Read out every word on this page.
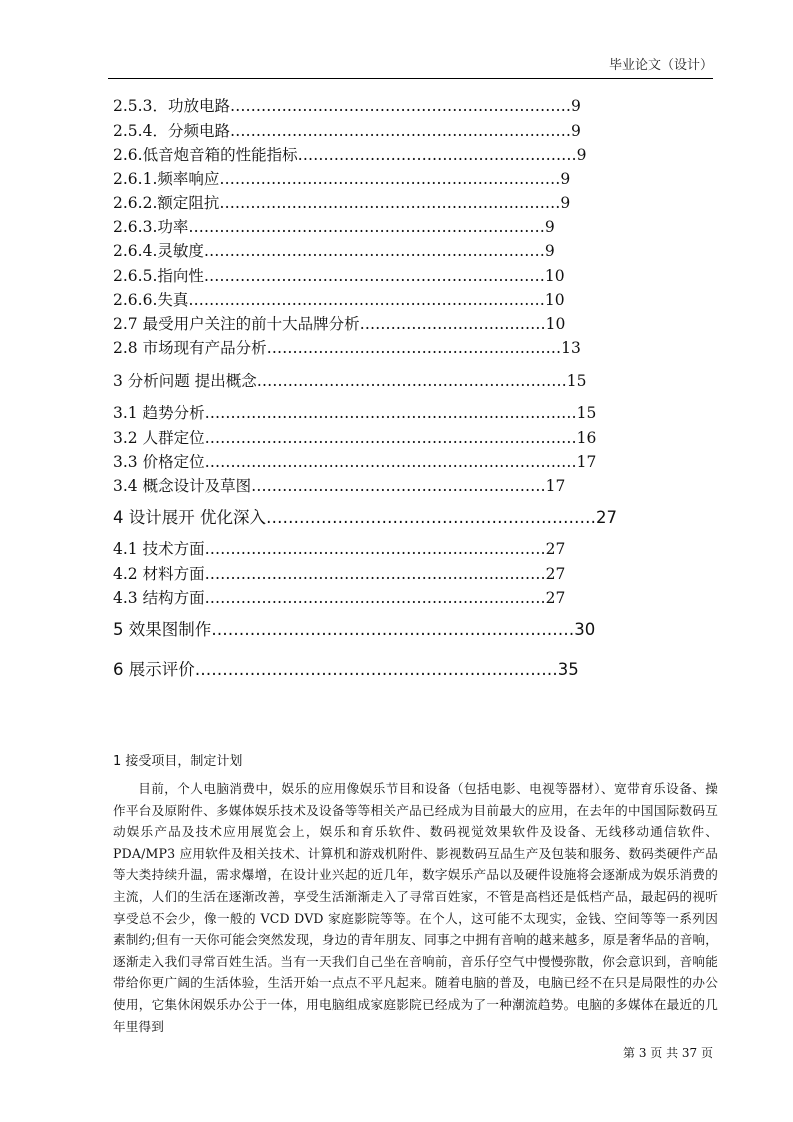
毕业论文（设计）
2.5.3．功放电路…………………………………………………………9
2.5.4．分频电路…………………………………………………………9
2.6.低音炮音箱的性能指标………………………………………………9
2.6.1.频率响应…………………………………………………………9
2.6.2.额定阻抗…………………………………………………………9
2.6.3.功率……………………………………………………………9
2.6.4.灵敏度…………………………………………………………9
2.6.5.指向性…………………………………………………………10
2.6.6.失真……………………………………………………………10
2.7 最受用户关注的前十大品牌分析………………………………10
2.8 市场现有产品分析…………………………………………………13
3 分析问题 提出概念……………………………………………………15
3.1 趋势分析………………………………………………………………15
3.2 人群定位………………………………………………………………16
3.3 价格定位………………………………………………………………17
3.4 概念设计及草图…………………………………………………17
4 设计展开 优化深入……………………………………………………27
4.1 技术方面…………………………………………………………27
4.2 材料方面…………………………………………………………27
4.3 结构方面…………………………………………………………27
5 效果图制作…………………………………………………………30
6 展示评价…………………………………………………………35
1 接受项目，制定计划
目前，个人电脑消费中，娱乐的应用像娱乐节目和设备（包括电影、电视等器材）、宽带育乐设备、操作平台及原附件、多媒体娱乐技术及设备等等相关产品已经成为目前最大的应用，在去年的中国国际数码互动娱乐产品及技术应用展览会上，娱乐和育乐软件、数码视觉效果软件及设备、无线移动通信软件、PDA/MP3 应用软件及相关技术、计算机和游戏机附件、影视数码互品生产及包装和服务、数码类硬件产品等大类持续升温，需求爆增，在设计业兴起的近几年，数字娱乐产品以及硬件设施将会逐渐成为娱乐消费的主流，人们的生活在逐渐改善，享受生活渐渐走入了寻常百姓家，不管是高档还是低档产品，最起码的视听享受总不会少，像一般的 VCD DVD 家庭影院等等。在个人，这可能不太现实，金钱、空间等等一系列因素制约;但有一天你可能会突然发现，身边的青年朋友、同事之中拥有音响的越来越多，原是奢华品的音响，逐渐走入我们寻常百姓生活。当有一天我们自己坐在音响前，音乐仔空气中慢慢弥散，你会意识到，音响能带给你更广阔的生活体验，生活开始一点点不平凡起来。随着电脑的普及，电脑已经不在只是局限性的办公使用，它集休闲娱乐办公于一体，用电脑组成家庭影院已经成为了一种潮流趋势。电脑的多媒体在最近的几年里得到
第 3 页 共 37 页
